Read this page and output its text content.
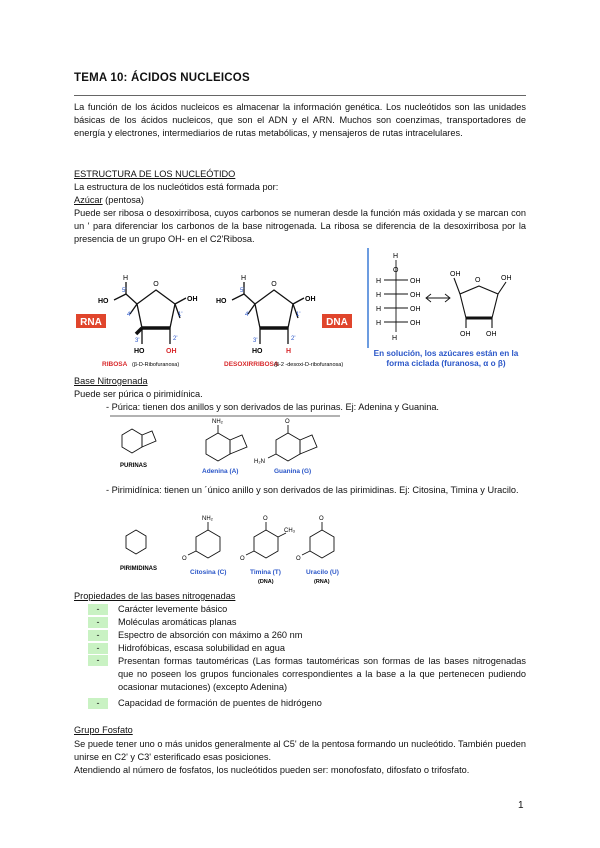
TEMA 10: ÁCIDOS NUCLEICOS
La función de los ácidos nucleicos es almacenar la información genética. Los nucleótidos son las unidades básicas de los ácidos nucleicos, que son el ADN y el ARN. Muchos son coenzimas, transportadores de energía y electrones, intermediarios de rutas metabólicas, y mensajeros de rutas intracelulares.
ESTRUCTURA DE LOS NUCLEÓTIDO
La estructura de los nucleótidos está formada por:
Azúcar (pentosa)
Puede ser ribosa o desoxirribosa, cuyos carbonos se numeran desde la función más oxidada y se marcan con un ' para diferenciar los carbonos de la base nitrogenada. La ribosa se diferencia de la desoxirribosa por la presencia de un grupo OH- en el C2'Ribosa.
RNA
O
HO
H
OH
5'
4'
3'	2'
1'
HO	OH
RIBOSA (β-D-Ribofuranosa)
O
HO
H
OH
5'
4'
3'	2'
1'
HO	H
DESOXIRRIBOSA
(β-2 -desoxi-D-ribofuranosa)
DNA
H
O
H	OH
H	OH
H	OH
H	OH
H
OH
O	OH
OH OH
En solución, los azúcares están en la forma ciclada (furanosa, α o β)
Base Nitrogenada
Puede ser púrica o pirimidínica.
- Púrica: tienen dos anillos y son derivados de las purinas. Ej: Adenina y Guanina.
PURINAS
NH₂
Adenina (A)
O
H₂N
Guanina (G)
- Pirimidínica: tienen un ´único anillo y son derivados de las pirimidinas. Ej: Citosina, Timina y Uracilo.
PIRIMIDINAS
NH₂
O
Citosina (C)
O
CH₃
O
Timina (T)
(DNA)
O
O
Uracilo (U)
(RNA)
Propiedades de las bases nitrogenadas
- Carácter levemente básico
- Moléculas aromáticas planas
- Espectro de absorción con máximo a 260 nm
- Hidrofóbicas, escasa solubilidad en agua
-	Presentan formas tautoméricas (Las formas tautoméricas son formas de las bases nitrogenadas que no poseen los grupos funcionales correspondientes a la base a la que pertenecen pudiendo ocasionar mutaciones) (excepto Adenina)
- Capacidad de formación de puentes de hidrógeno
Grupo Fosfato
Se puede tener uno o más unidos generalmente al C5' de la pentosa formando un nucleótido. También pueden unirse en C2' y C3' esterificado esas posiciones.
Atendiendo al número de fosfatos, los nucleótidos pueden ser: monofosfato, difosfato o trifosfato.
1
